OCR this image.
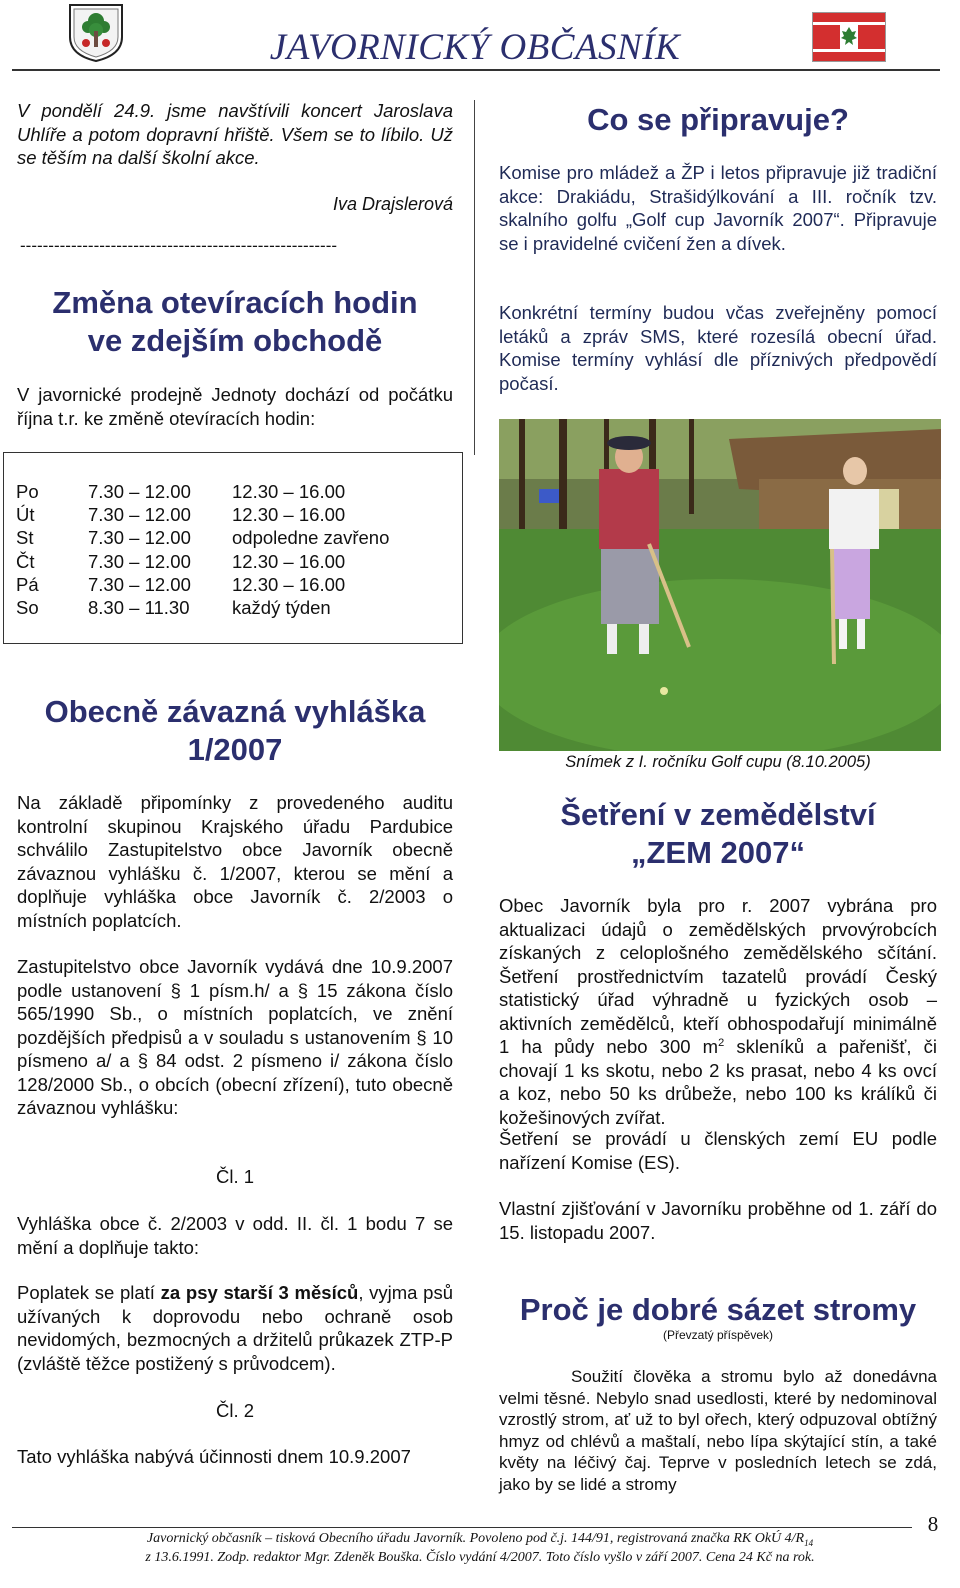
JAVORNICKÝ OBČASNÍK
V pondělí 24.9. jsme navštívili koncert Jaroslava Uhlíře a potom dopravní hřiště. Všem se to líbilo. Už se těším na další školní akce.
Iva Drajslerová
--------------------------------------------------------
Změna otevíracích hodin
ve zdejším obchodě
V javornické prodejně Jednoty dochází od počátku října t.r. ke změně otevíracích hodin:
Po	7.30 – 12.00 12.30 – 16.00
Út	7.30 – 12.00 12.30 – 16.00
St	7.30 – 12.00 odpoledne zavřeno
Čt	7.30 – 12.00 12.30 – 16.00
Pá	7.30 – 12.00 12.30 – 16.00
So	8.30 – 11.30 každý týden
Obecně závazná vyhláška
1/2007
Na základě připomínky z provedeného auditu kontrolní skupinou Krajského úřadu Pardubice schválilo Zastupitelstvo obce Javorník obecně závaznou vyhlášku č. 1/2007, kterou se mění a doplňuje vyhláška obce Javorník č. 2/2003 o místních poplatcích.
Zastupitelstvo obce Javorník vydává dne 10.9.2007 podle ustanovení § 1 písm.h/ a § 15 zákona číslo 565/1990 Sb., o místních poplatcích, ve znění pozdějších předpisů a v souladu s ustanovením § 10 písmeno a/ a § 84 odst. 2 písmeno i/ zákona číslo 128/2000 Sb., o obcích (obecní zřízení), tuto obecně závaznou vyhlášku:
Čl. 1
Vyhláška obce č. 2/2003 v odd. II. čl. 1 bodu 7 se mění a doplňuje takto:
Poplatek se platí za psy starší 3 měsíců, vyjma psů užívaných k doprovodu nebo ochraně osob nevidomých, bezmocných a držitelů průkazek ZTP-P (zvláště těžce postižený s průvodcem).
Čl. 2
Tato vyhláška nabývá účinnosti dnem 10.9.2007
Co se připravuje?
Komise pro mládež a ŽP i letos připravuje již tradiční akce: Drakiádu, Strašidýlkování a III. ročník tzv. skalního golfu „Golf cup Javorník 2007“. Připravuje se i pravidelné cvičení žen a dívek.
Konkrétní termíny budou včas zveřejněny pomocí letáků a zpráv SMS, které rozesílá obecní úřad. Komise termíny vyhlásí dle příznivých předpovědí počasí.
Snímek z I. ročníku Golf cupu (8.10.2005)
Šetření v zemědělství
„ZEM 2007“
Obec Javorník byla pro r. 2007 vybrána pro aktualizaci údajů o zemědělských prvovýrobcích získaných z celoplošného zemědělského sčítání. Šetření prostřednictvím tazatelů provádí Český statistický úřad výhradně u fyzických osob – aktivních zemědělců, kteří obhospodařují minimálně 1 ha půdy nebo 300 $m^2$ skleníků a pařenišť, či chovají 1 ks skotu, nebo 2 ks prasat, nebo 4 ks ovcí a koz, nebo 50 ks drůbeže, nebo 100 ks králíků či kožešinových zvířat.
Šetření se provádí u členských zemí EU podle nařízení Komise (ES).
Vlastní zjišťování v Javorníku proběhne od 1. září do 15. listopadu 2007.
Proč je dobré sázet stromy
(Převzatý příspěvek)
Soužití člověka a stromu bylo až donedávna velmi těsné. Nebylo snad usedlosti, které by nedominoval vzrostlý strom, ať už to byl ořech, který odpuzoval obtížný hmyz od chlévů a maštalí, nebo lípa skýtající stín, a také květy na léčivý čaj. Teprve v posledních letech se zdá, jako by se lidé a stromy
Javornický občasník – tisková Obecního úřadu Javorník. Povoleno pod č.j. 144/91, registrovaná značka RK OkÚ $4/R_{14}$
z 13.6.1991. Zodp. redaktor Mgr. Zdeněk Bouška. Číslo vydání 4/2007. Toto číslo vyšlo v září 2007. Cena 24 Kč na rok.
8
